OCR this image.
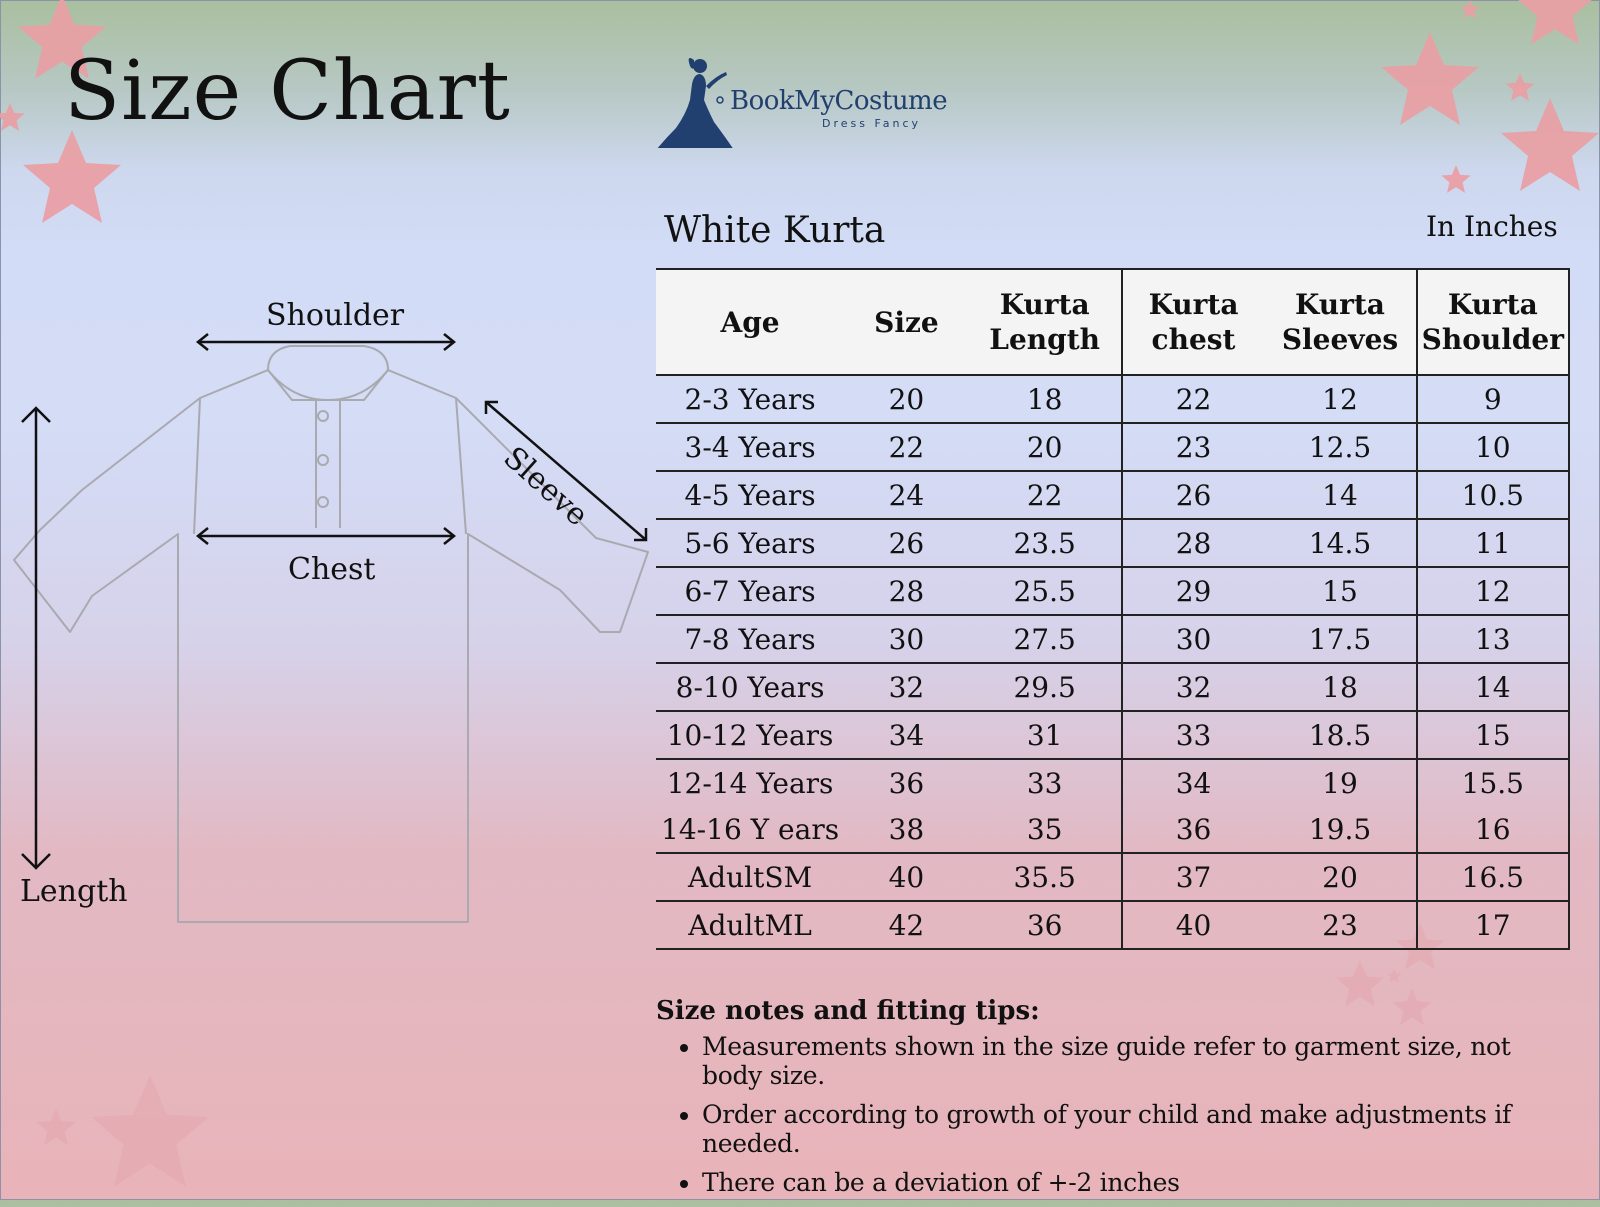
Size Chart	BookMyCostume
Dress Fancy
White Kurta	In Inches
Shoulder
Sleeve
Chest
Length
Age	Size	Kurta Length	Kurta chest	Kurta Sleeves	Kurta Shoulder
2-3 Years	20	18	22	12	9
3-4 Years	22	20	23	12.5	10
4-5 Years	24	22	26	14	10.5
5-6 Years	26	23.5	28	14.5	11
6-7 Years	28	25.5	29	15	12
7-8 Years	30	27.5	30	17.5	13
8-10 Years	32	29.5	32	18	14
10-12 Years	34	31	33	18.5	15
12-14 Years	36	33	34	19	15.5
14-16 Y ears	38	35	36	19.5	16
AdultSM	40	35.5	37	20	16.5
AdultML	42	36	40	23	17
Size notes and fitting tips:
• Measurements shown in the size guide refer to garment size, not body size.
• Order according to growth of your child and make adjustments if needed.
• There can be a deviation of +-2 inches
